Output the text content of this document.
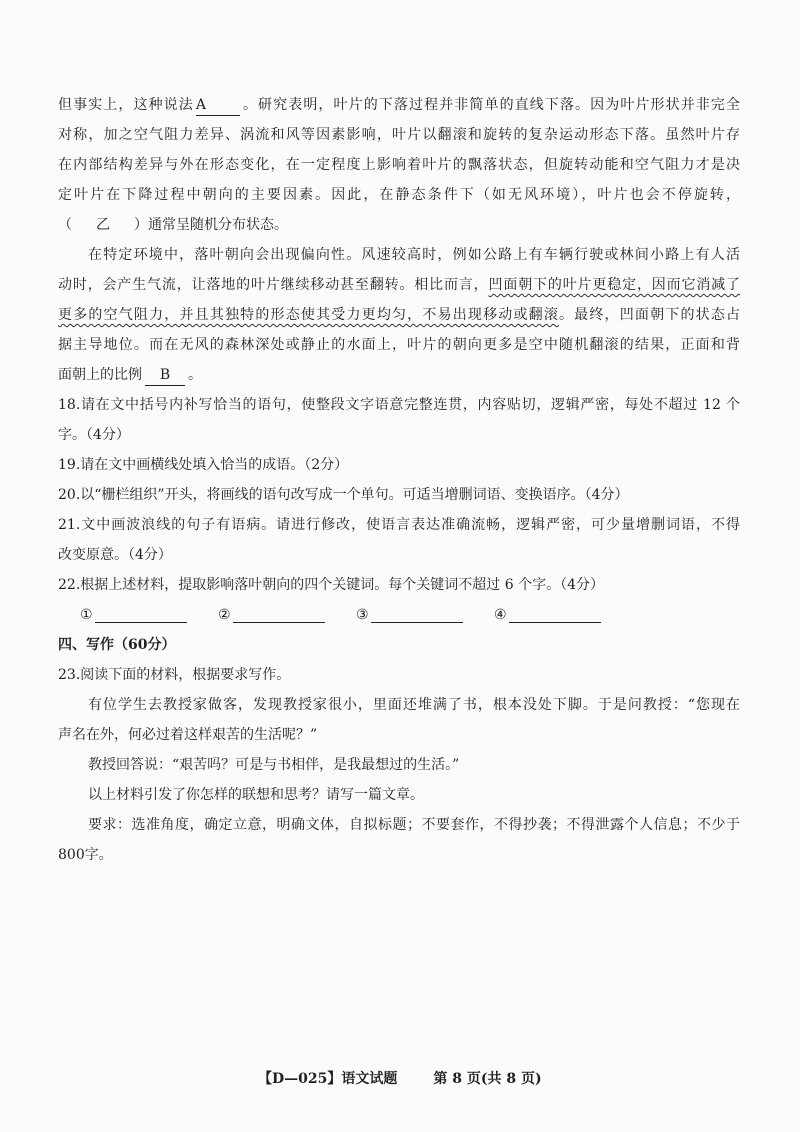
但事实上，这种说法 A	。研究表明，叶片的下落过程并非简单的直线下落。因为叶片形状并非完全
对称，加之空气阻力差异、涡流和风等因素影响，叶片以翻滚和旋转的复杂运动形态下落。虽然叶片存
在内部结构差异与外在形态变化，在一定程度上影响着叶片的飘落状态，但旋转动能和空气阻力才是决
定叶片在下降过程中朝向的主要因素。因此，在静态条件下（如无风环境），叶片也会不停旋转，
（ 乙 ）通常呈随机分布状态。
在特定环境中，落叶朝向会出现偏向性。风速较高时，例如公路上有车辆行驶或林间小路上有人活
动时，会产生气流，让落地的叶片继续移动甚至翻转。相比而言，凹面朝下的叶片更稳定，因而它消减了
更多的空气阻力，并且其独特的形态使其受力更均匀，不易出现移动或翻滚。最终，凹面朝下的状态占
据主导地位。而在无风的森林深处或静止的水面上，叶片的朝向更多是空中随机翻滚的结果，正面和背
面朝上的比例 B 。
18.请在文中括号内补写恰当的语句，使整段文字语意完整连贯，内容贴切，逻辑严密，每处不超过 12 个
字。（4分）
19.请在文中画横线处填入恰当的成语。（2分）
20.以“栅栏组织”开头，将画线的语句改写成一个单句。可适当增删词语、变换语序。（4分）
21.文中画波浪线的句子有语病。请进行修改，使语言表达准确流畅，逻辑严密，可少量增删词语，不得
改变原意。（4分）
22.根据上述材料，提取影响落叶朝向的四个关键词。每个关键词不超过 6 个字。（4分）
①	②	③	④
四、写作（60分）
23.阅读下面的材料，根据要求写作。
有位学生去教授家做客，发现教授家很小，里面还堆满了书，根本没处下脚。于是问教授：“您现在
声名在外，何必过着这样艰苦的生活呢？”
教授回答说：“艰苦吗？可是与书相伴，是我最想过的生活。”
以上材料引发了你怎样的联想和思考？请写一篇文章。
要求：选准角度，确定立意，明确文体，自拟标题；不要套作，不得抄袭；不得泄露个人信息；不少于
800字。
【D—025】语文试题	第 8 页(共 8 页)
